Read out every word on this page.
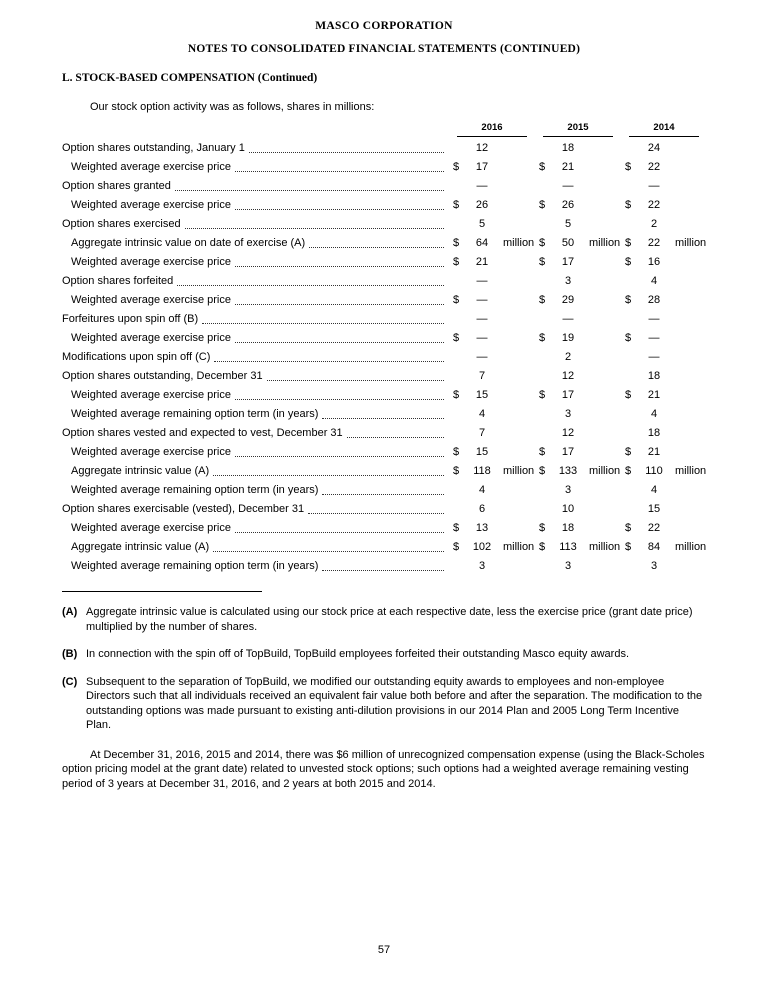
MASCO CORPORATION
NOTES TO CONSOLIDATED FINANCIAL STATEMENTS (CONTINUED)
L. STOCK-BASED COMPENSATION (Continued)

Our stock option activity was as follows, shares in millions:

2016	2015	2014
Option shares outstanding, January 1	12	18	24
Weighted average exercise price	$	17	$	21	$	22
Option shares granted	—	—	—
Weighted average exercise price	$	26	$	26	$	22
Option shares exercised	5	5	2
Aggregate intrinsic value on date of exercise (A)	$	64	million $	50	million $	22	million
Weighted average exercise price	$	21	$	17	$	16
Option shares forfeited	—	3	4
Weighted average exercise price	$	—	$	29	$	28
Forfeitures upon spin off (B)	—	—	—
Weighted average exercise price	$	—	$	19	$	—
Modifications upon spin off (C)	—	2	—
Option shares outstanding, December 31	7	12	18
Weighted average exercise price	$	15	$	17	$	21
Weighted average remaining option term (in years)	4	3	4
Option shares vested and expected to vest, December 31	7	12	18
Weighted average exercise price	$	15	$	17	$	21
Aggregate intrinsic value (A)	$	118	million $	133	million $	110	million
Weighted average remaining option term (in years)	4	3	4
Option shares exercisable (vested), December 31	6	10	15
Weighted average exercise price	$	13	$	18	$	22
Aggregate intrinsic value (A)	$	102	million $	113	million $	84	million
Weighted average remaining option term (in years)	3	3	3
(A) Aggregate intrinsic value is calculated using our stock price at each respective date, less the exercise price (grant date price) multiplied by the number of shares.
(B) In connection with the spin off of TopBuild, TopBuild employees forfeited their outstanding Masco equity awards.
(C) Subsequent to the separation of TopBuild, we modified our outstanding equity awards to employees and non-employee Directors such that all individuals received an equivalent fair value both before and after the separation. The modification to the outstanding options was made pursuant to existing anti-dilution provisions in our 2014 Plan and 2005 Long Term Incentive Plan.

At December 31, 2016, 2015 and 2014, there was $6 million of unrecognized compensation expense (using the Black-Scholes option pricing model at the grant date) related to unvested stock options; such options had a weighted average remaining vesting period of 3 years at December 31, 2016, and 2 years at both 2015 and 2014.

57
